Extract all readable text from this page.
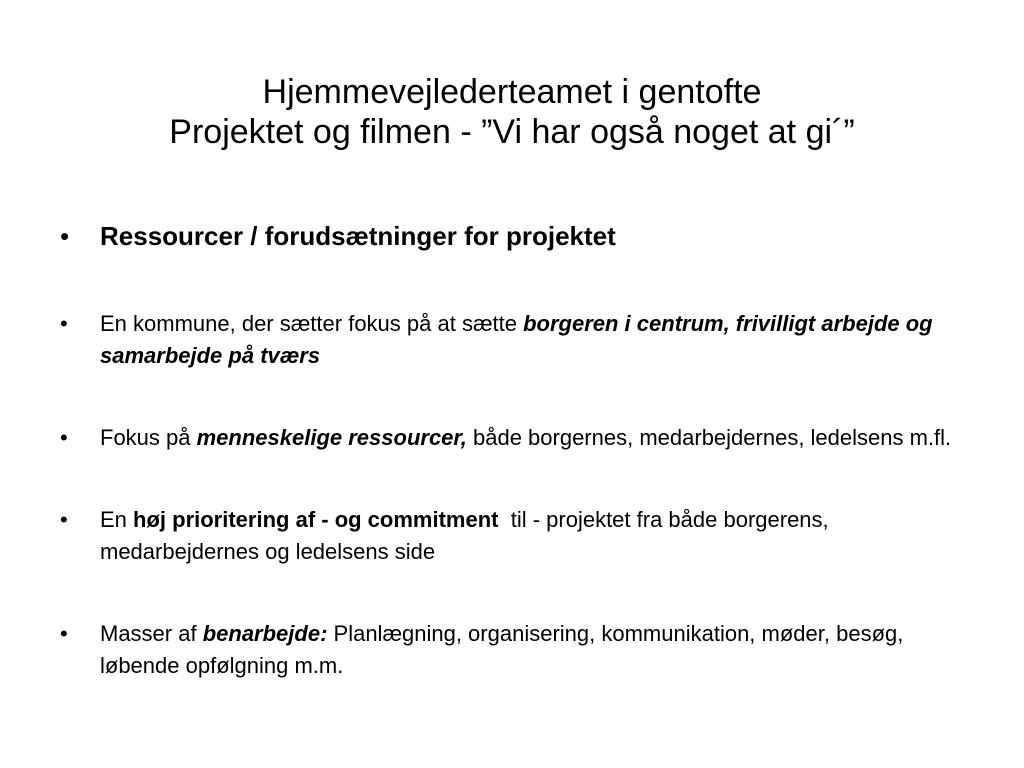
Hjemmevejlederteamet i gentofte
Projektet og filmen - ”Vi har også noget at gi´”
•	Ressourcer / forudsætninger for projektet
•	En kommune, der sætter fokus på at sætte borgeren i centrum, frivilligt arbejde og samarbejde på tværs
•	Fokus på menneskelige ressourcer, både borgernes, medarbejdernes, ledelsens m.fl.
•	En høj prioritering af - og commitment  til - projektet fra både borgerens, medarbejdernes og ledelsens side
•	Masser af benarbejde: Planlægning, organisering, kommunikation, møder, besøg, løbende opfølgning m.m.
